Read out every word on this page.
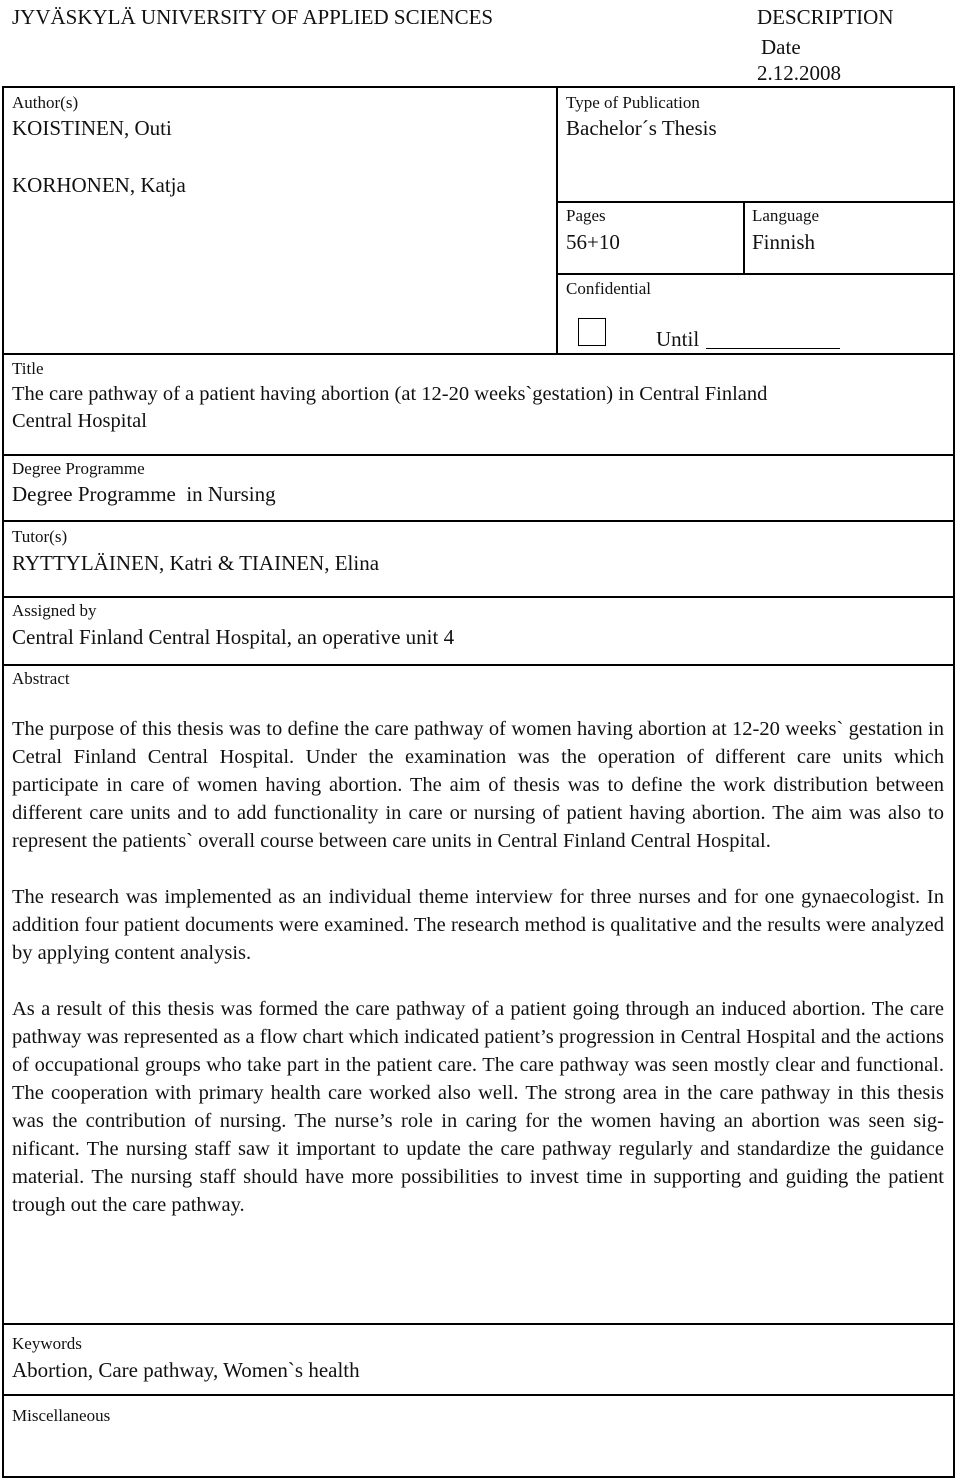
JYVÄSKYLÄ UNIVERSITY OF APPLIED SCIENCES	DESCRIPTION
Date
2.12.2008
Author(s)
KOISTINEN, Outi
KORHONEN, Katja
Type of Publication
Bachelor´s Thesis
Pages
56+10
Language
Finnish
Confidential
Until
Title
The care pathway of a patient having abortion (at 12-20 weeks`gestation) in Central Finland
Central Hospital
Degree Programme
Degree Programme  in Nursing
Tutor(s)
RYTTYLÄINEN, Katri & TIAINEN, Elina
Assigned by
Central Finland Central Hospital, an operative unit 4
Abstract

The purpose of this thesis was to define the care pathway of women having abortion at 12-20 weeks` gestation in Cetral Finland Central Hospital. Under the examination was the operation of different care units which participate in care of women having abortion. The aim of thesis was to define the work distribution between different care units and to add functionality in care or nursing of patient having abortion. The aim was also to represent the patients` overall course between care units in Central Finland Central Hospital.

The research was implemented as an individual theme interview for three nurses and for one gynaecologist. In addition four patient documents were examined. The research method is qualitative and the results were analyzed by applying content analysis.

As a result of this thesis was formed the care pathway of a patient going through an induced abortion. The care pathway was represented as a flow chart which indicated patient’s progression in Central Hospital and the actions of occupational groups who take part in the patient care. The care pathway was seen mostly clear and functional. The cooperation with primary health care worked also well. The strong area in the care pathway in this thesis was the contribution of nursing. The nurse’s role in caring for the women having an abortion was seen significant. The nursing staff saw it important to update the care pathway regularly and standardize the guidance material. The nursing staff should have more possibilities to invest time in supporting and guiding the patient trough out the care pathway.

Keywords
Abortion, Care pathway, Women`s health
Miscellaneous
